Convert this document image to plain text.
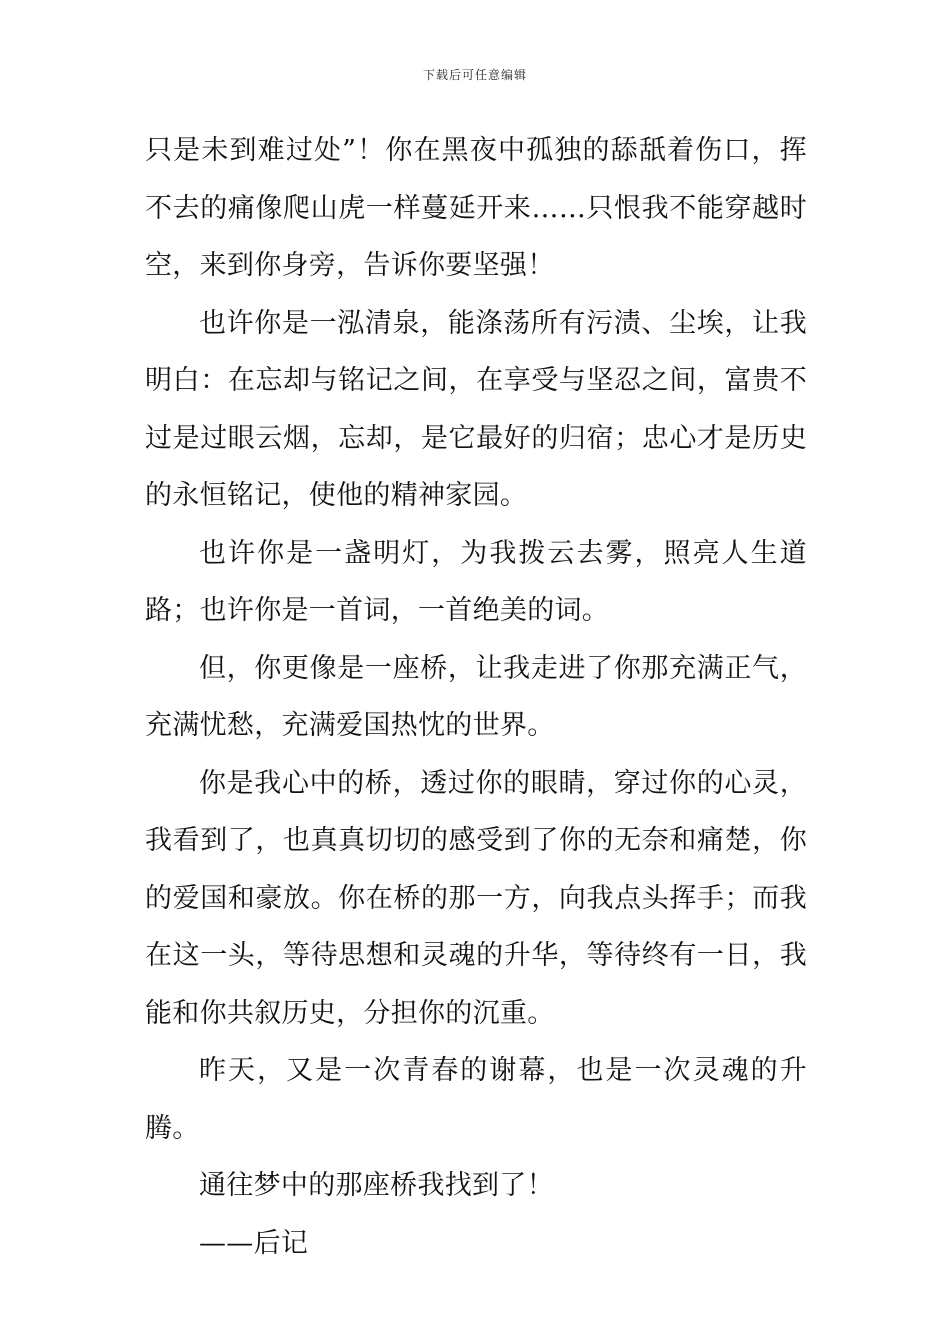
下载后可任意编辑

只是未到难过处”！你在黑夜中孤独的舔舐着伤口，挥不去的痛像爬山虎一样蔓延开来……只恨我不能穿越时空，来到你身旁，告诉你要坚强！

也许你是一泓清泉，能涤荡所有污渍、尘埃，让我明白：在忘却与铭记之间，在享受与坚忍之间，富贵不过是过眼云烟，忘却，是它最好的归宿；忠心才是历史的永恒铭记，使他的精神家园。

也许你是一盏明灯，为我拨云去雾，照亮人生道路；也许你是一首词，一首绝美的词。

但，你更像是一座桥，让我走进了你那充满正气，充满忧愁，充满爱国热忱的世界。

你是我心中的桥，透过你的眼睛，穿过你的心灵，我看到了，也真真切切的感受到了你的无奈和痛楚，你的爱国和豪放。你在桥的那一方，向我点头挥手；而我在这一头，等待思想和灵魂的升华，等待终有一日，我能和你共叙历史，分担你的沉重。

昨天，又是一次青春的谢幕，也是一次灵魂的升腾。

通往梦中的那座桥我找到了！

——后记
